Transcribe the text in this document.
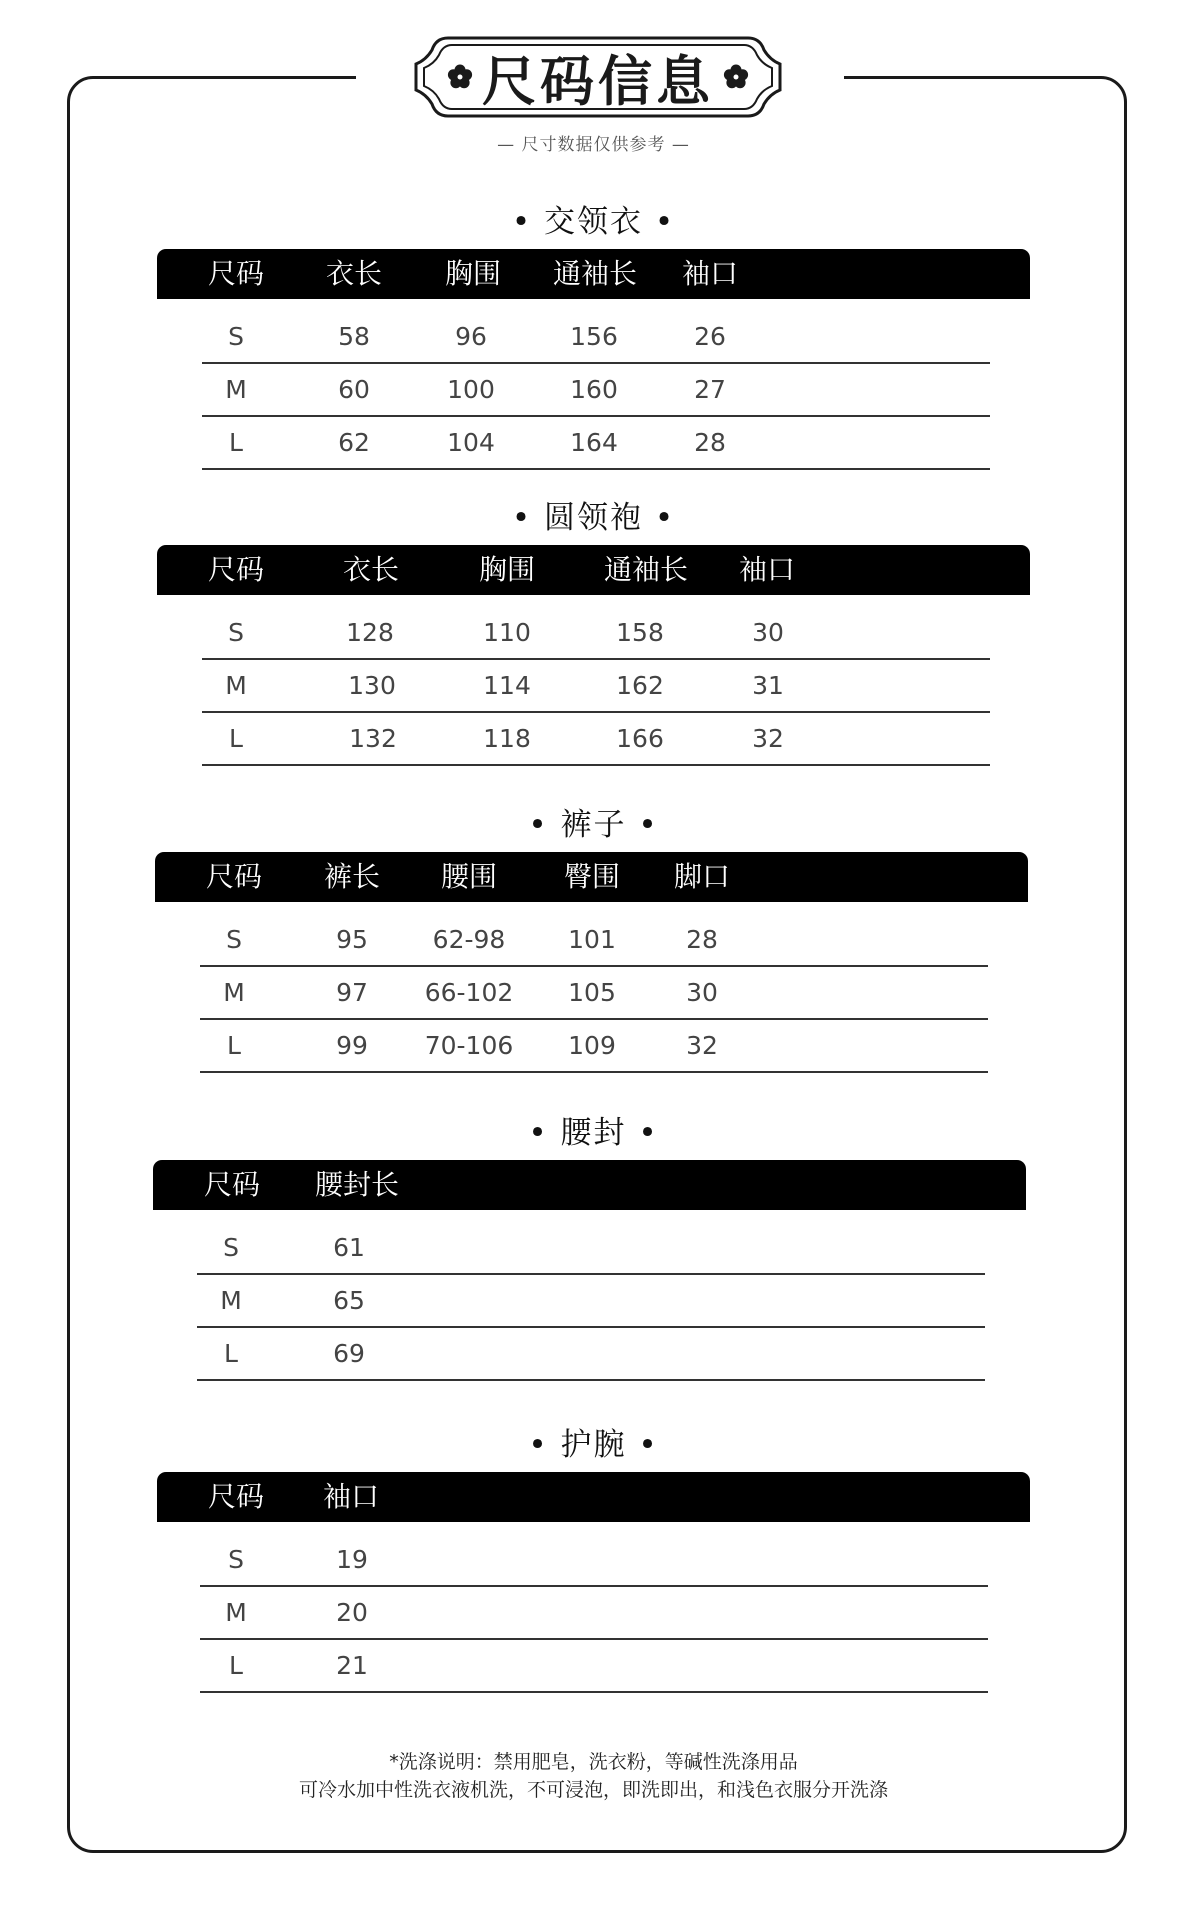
尺码信息
— 尺寸数据仅供参考 —
• 交领衣 •
尺码 衣长 胸围 通袖长 袖口
S	58	96	156	26
M	60	100	160	27
L	62	104	164	28
• 圆领袍 •
尺码	衣长	胸围 通袖长 袖口
S	128	110	158	30
M	130	114	162	31
L	132	118	166	32
• 裤子 •
尺码 裤长 腰围 臀围 脚口
S	95	62-98	101	28
M	97 66-102 105	30
L	99 70-106 109	32
• 腰封 •
尺码 腰封长
S	61
M	65
L	69
• 护腕 •
尺码 袖口
S	19
M	20
L	21
*洗涤说明：禁用肥皂，洗衣粉，等碱性洗涤用品
可冷水加中性洗衣液机洗，不可浸泡，即洗即出，和浅色衣服分开洗涤
